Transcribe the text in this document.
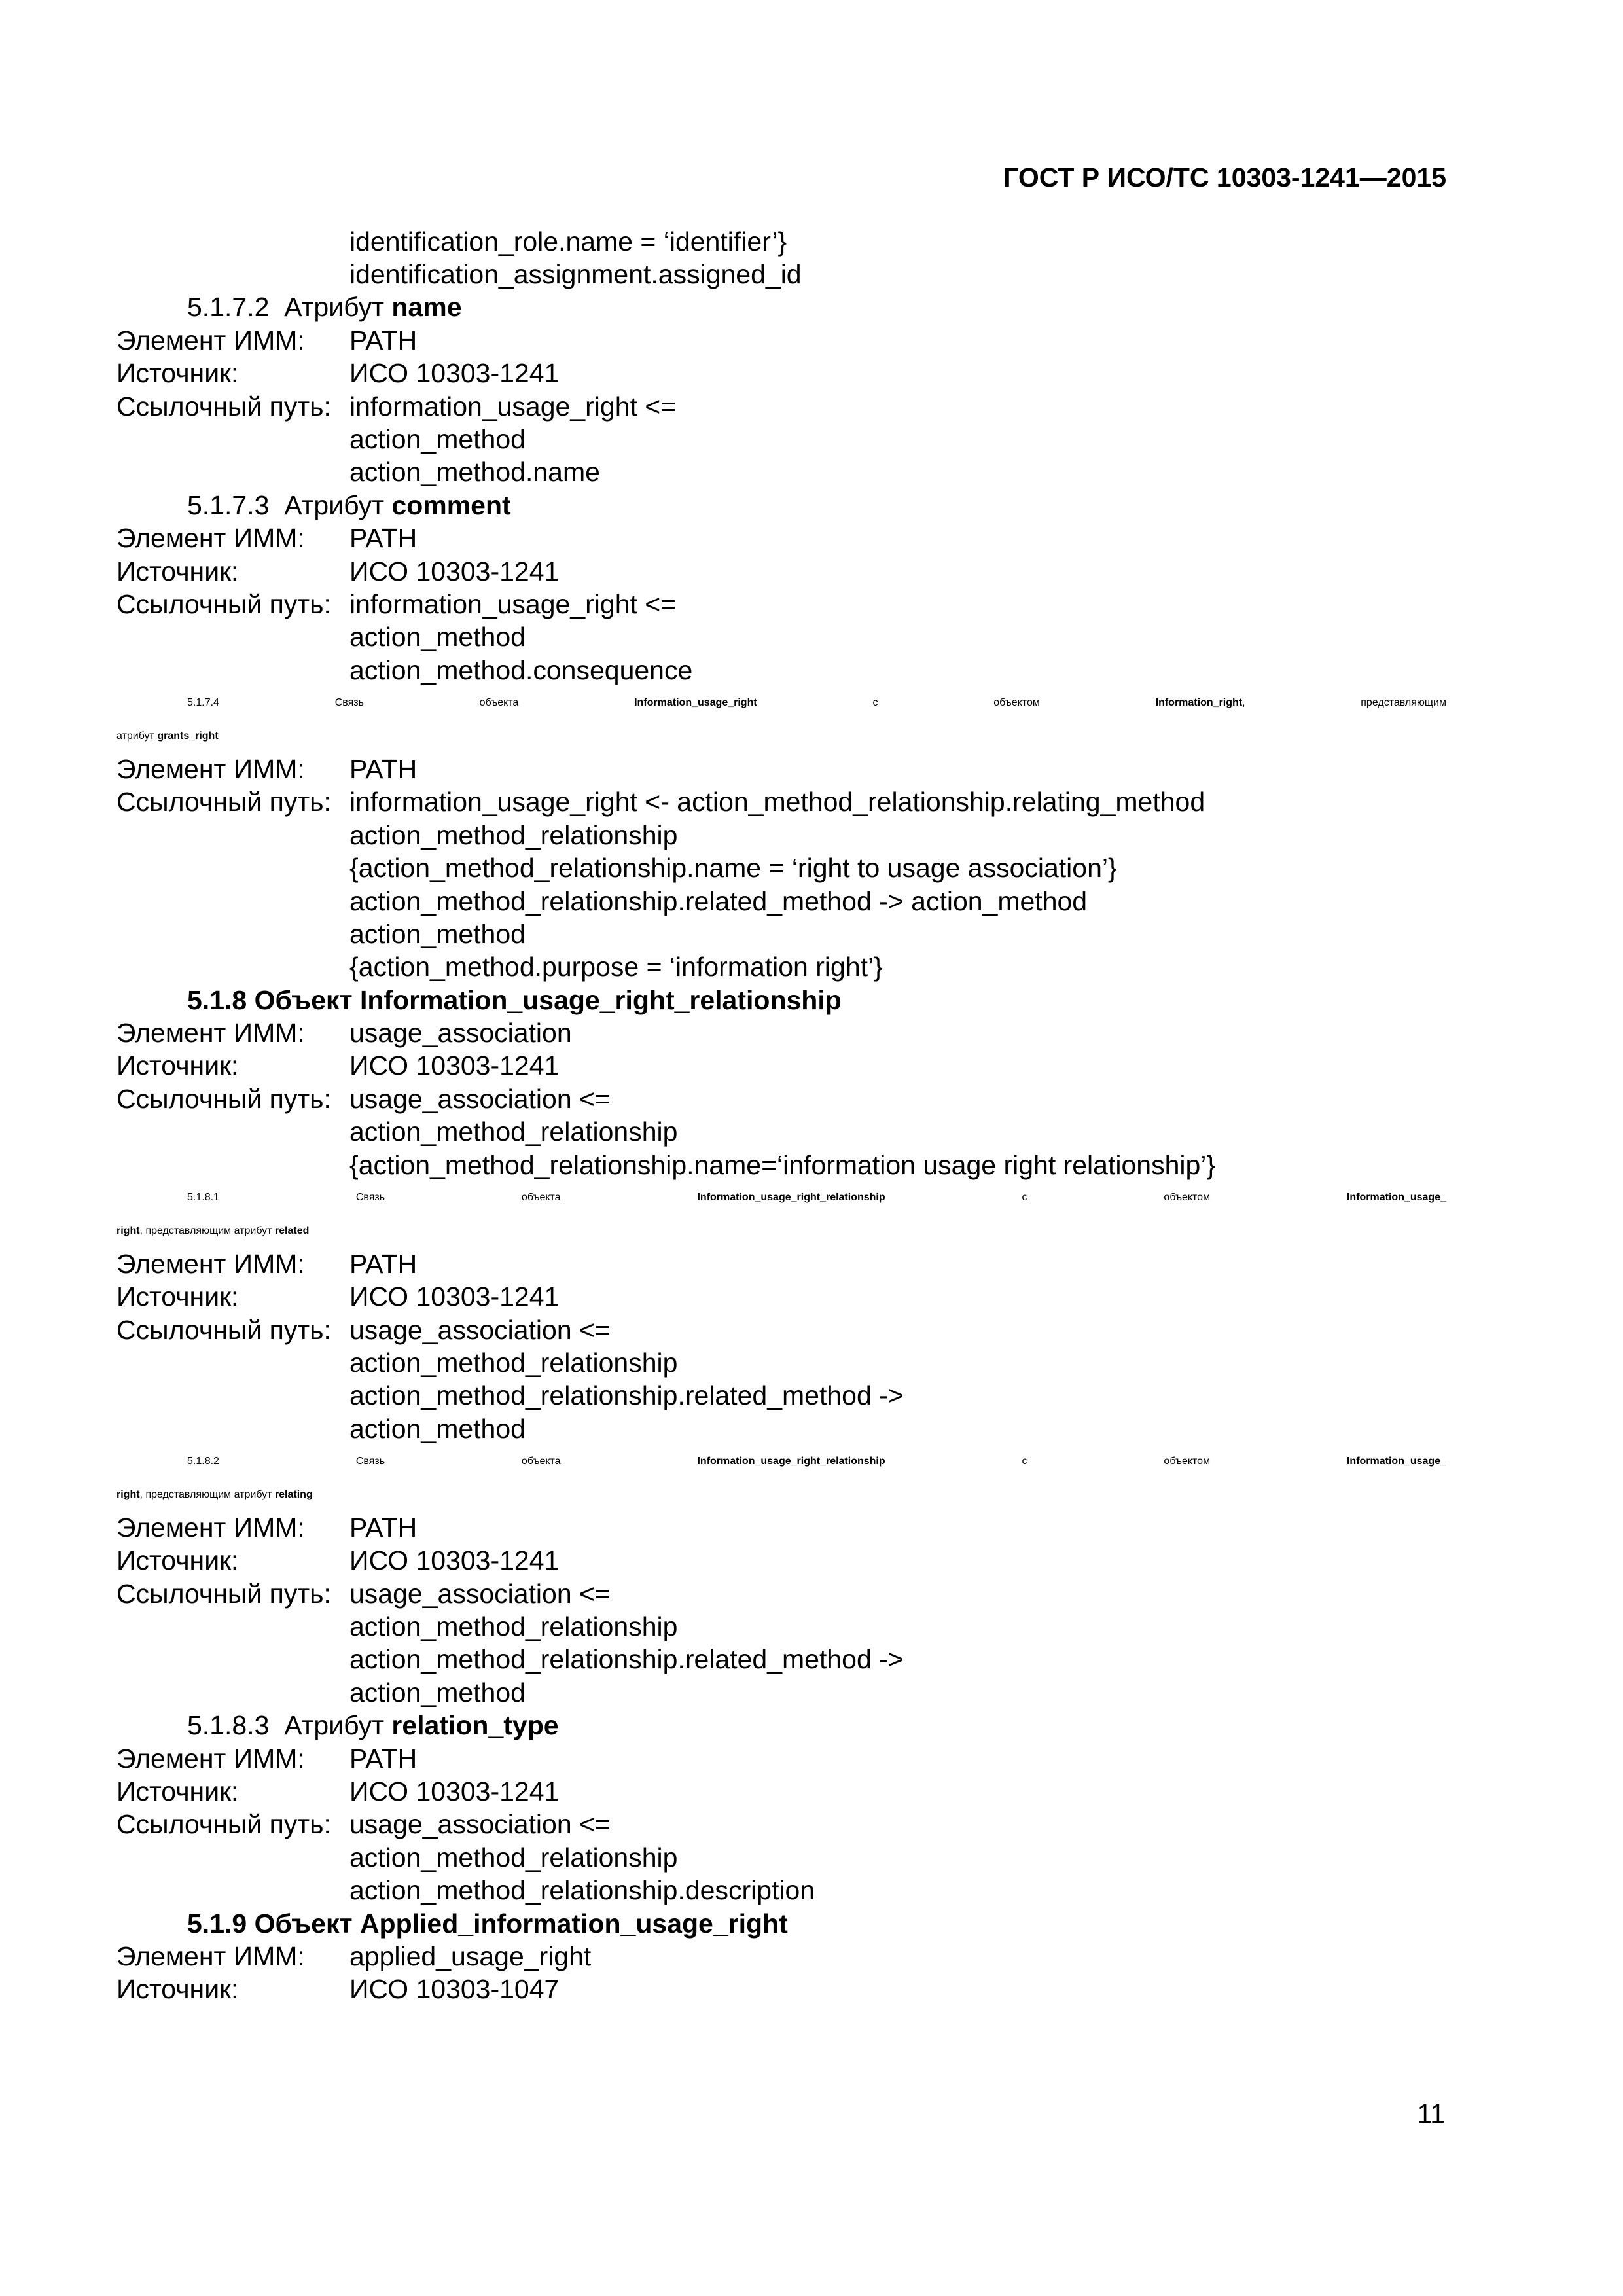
ГОСТ Р ИСО/ТС 10303-1241—2015
identification_role.name = ‘identifier’}
identification_assignment.assigned_id
5.1.7.2
Атрибут
name
Элемент ИММ:	PATH
Источник:	ИСО 10303-1241
Ссылочный путь: information_usage_right <=
action_method
action_method.name
5.1.7.3
Атрибут
comment
Элемент ИММ:	PATH
Источник:	ИСО 10303-1241
Ссылочный путь: information_usage_right <=
action_method
action_method.consequence
5.1.7.4	Связь объекта	Information_usage_right	с объектом	Information_right, представляющим
атрибут grants_right
Элемент ИММ:	PATH
Ссылочный путь: information_usage_right <- action_method_relationship.relating_method
action_method_relationship
{action_method_relationship.name = ‘right to usage association’}
action_method_relationship.related_method -> action_method
action_method
{action_method.purpose = ‘information right’}
5.1.8 Объект Information_usage_right_relationship
Элемент ИММ:	usage_association
Источник:	ИСО 10303-1241
Ссылочный путь: usage_association <=
action_method_relationship
{action_method_relationship.name=‘information usage right relationship’}
5.1.8.1	Связь объекта	Information_usage_right_relationship	с объектом	Information_usage_
right, представляющим атрибут related
Элемент ИММ:	PATH
Источник:	ИСО 10303-1241
Ссылочный путь: usage_association <=
action_method_relationship
action_method_relationship.related_method ->
action_method
5.1.8.2	Связь объекта	Information_usage_right_relationship	с объектом	Information_usage_
right, представляющим атрибут relating
Элемент ИММ:	PATH
Источник:	ИСО 10303-1241
Ссылочный путь: usage_association <=
action_method_relationship
action_method_relationship.related_method ->
action_method
5.1.8.3
Атрибут
relation_type
Элемент ИММ:	PATH
Источник:	ИСО 10303-1241
Ссылочный путь: usage_association <=
action_method_relationship
action_method_relationship.description
5.1.9 Объект Applied_information_usage_right
Элемент ИММ:	applied_usage_right
Источник:	ИСО 10303-1047
11
